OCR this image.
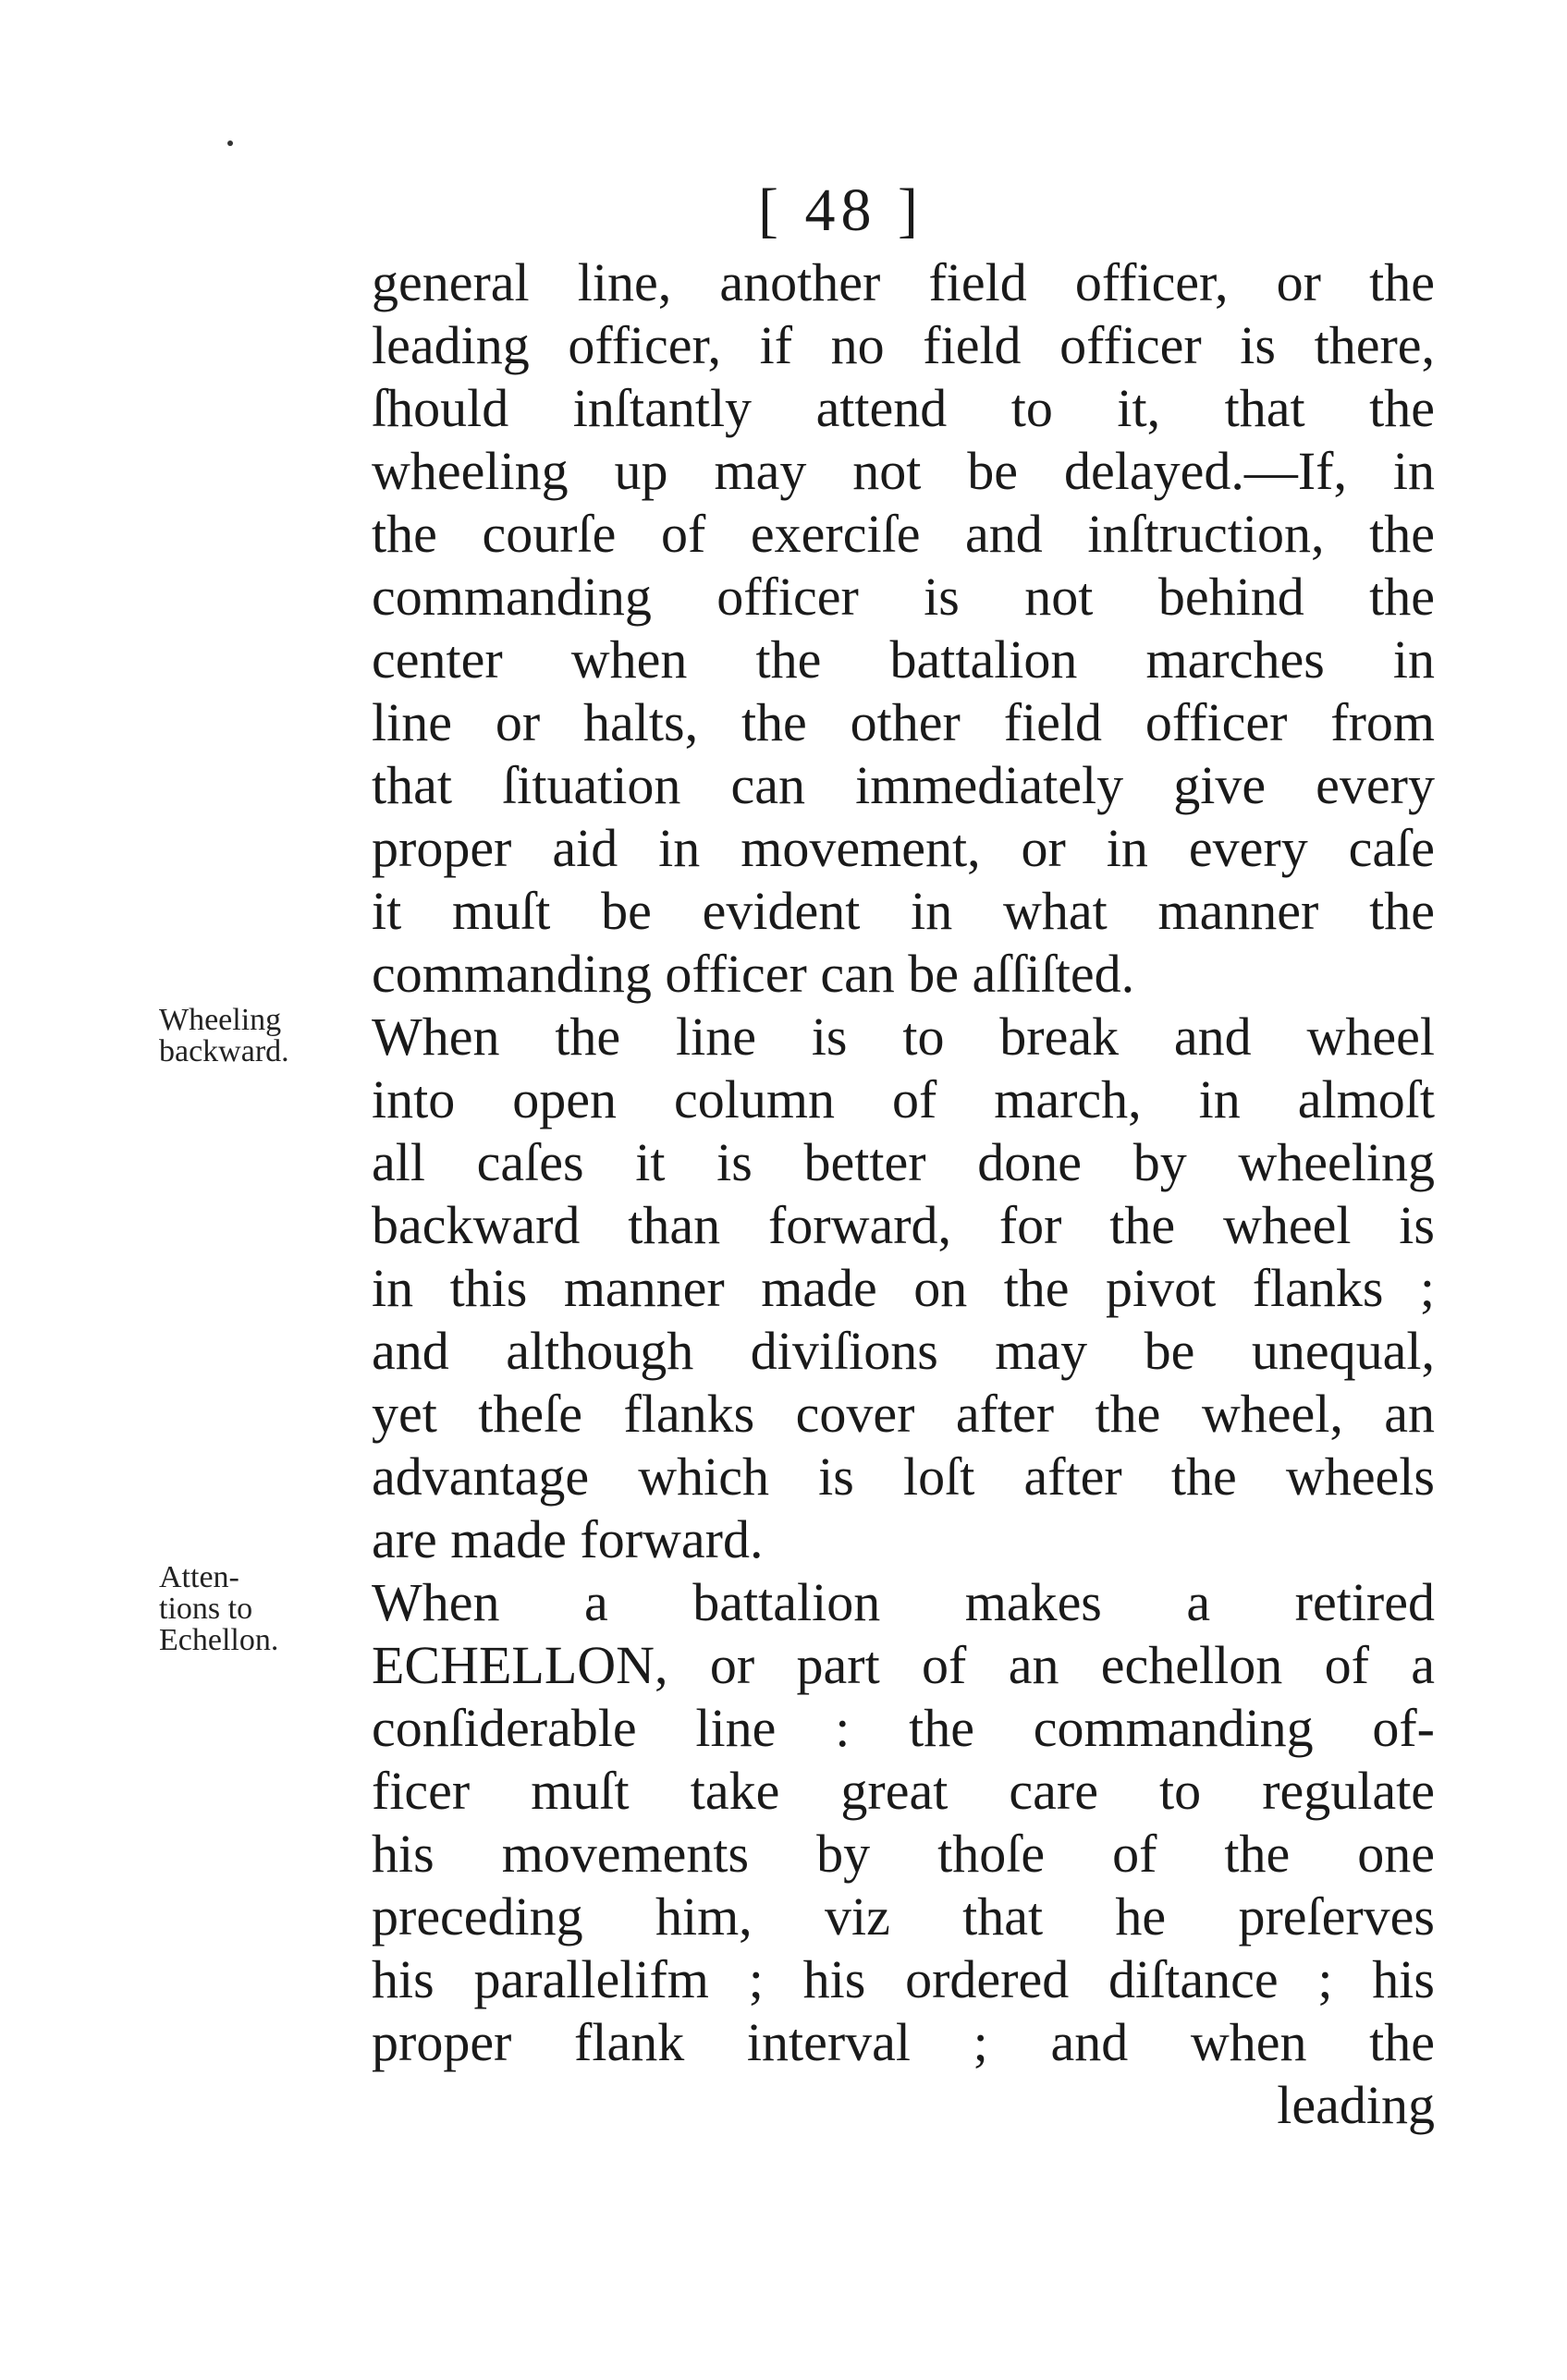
[ 48 ]
Wheeling
backward.
Atten-
tions to
Echellon.
general line, another field officer, or the
leading officer, if no field officer is there,
ſhould inſtantly attend to it, that the
wheeling up may not be delayed.—If, in
the courſe of exerciſe and inſtruction, the
commanding officer is not behind the
center when the battalion marches in
line or halts, the other field officer from
that ſituation can immediately give every
proper aid in movement, or in every caſe
it muſt be evident in what manner the
commanding officer can be aſſiſted.
When the line is to break and wheel
into open column of march, in almoſt
all caſes it is better done by wheeling
backward than forward, for the wheel is
in this manner made on the pivot flanks ;
and although diviſions may be unequal,
yet theſe flanks cover after the wheel, an
advantage which is loſt after the wheels
are made forward.
When a battalion makes a retired
ECHELLON, or part of an echellon of a
conſiderable line : the commanding of-
ficer muſt take great care to regulate
his movements by thoſe of the one
preceding him, viz that he preſerves
his parallelifm ; his ordered diſtance ; his
proper flank interval ; and when the
leading
